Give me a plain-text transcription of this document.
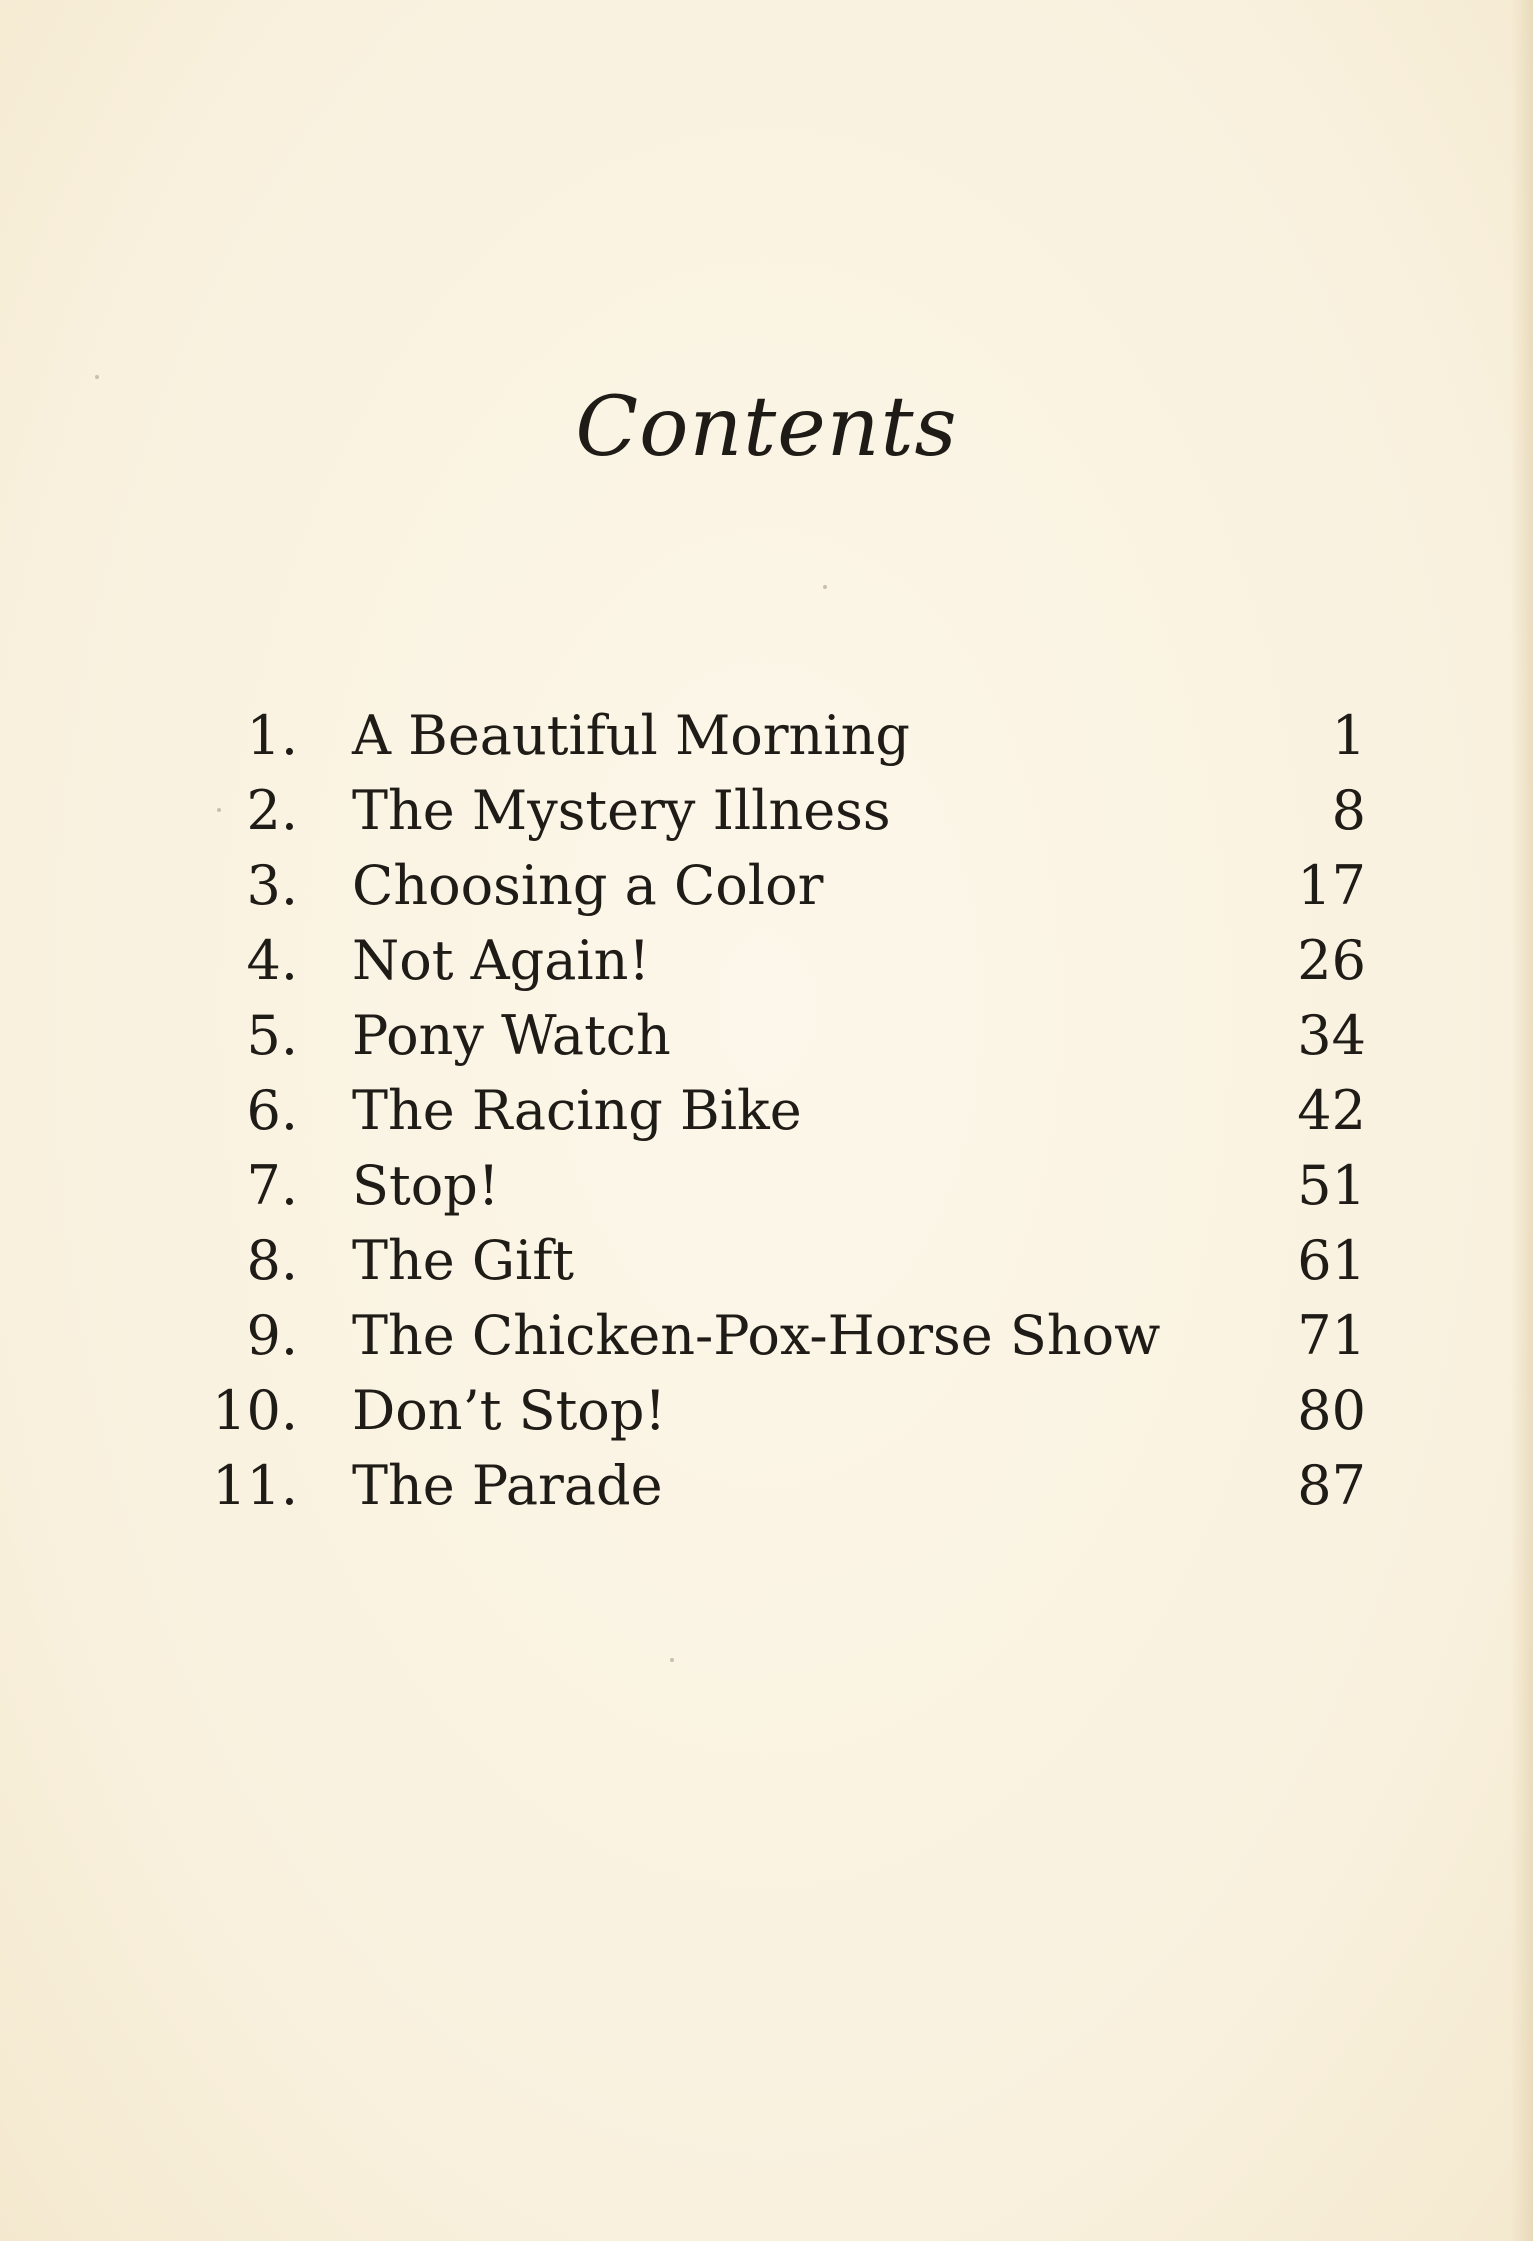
Contents
1. A Beautiful Morning	1
2. The Mystery Illness	8
3. Choosing a Color	17
4. Not Again!	26
5. Pony Watch	34
6. The Racing Bike	42
7. Stop!	51
8. The Gift	61
9. The Chicken-Pox-Horse Show	71
10. Don’t Stop!	80
11. The Parade	87
